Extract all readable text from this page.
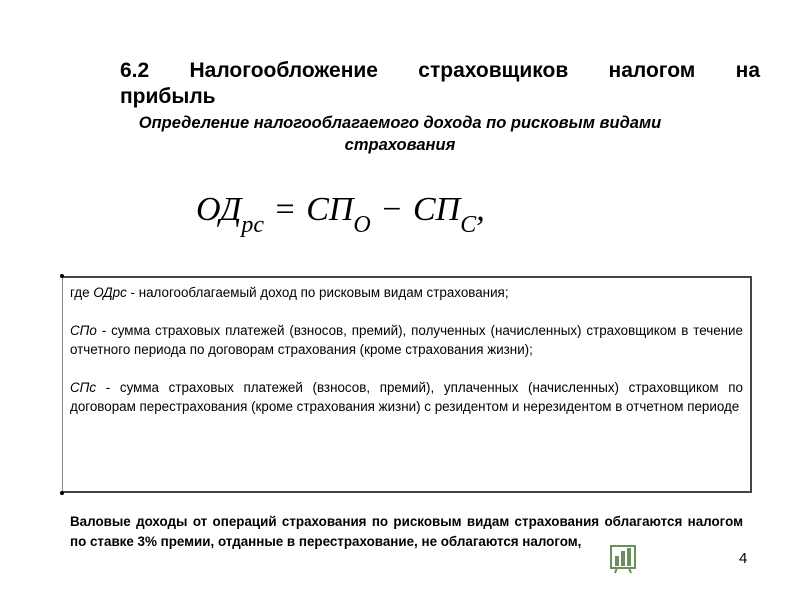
6.2 Налогообложение страховщиков налогом на
прибыль
Определение налогооблагаемого дохода по рисковым видами
страхования
$ОД_{рс} = СП_О - СП_С$,

где ОДрс - налогооблагаемый доход по рисковым видам страхования;

СПо - сумма страховых платежей (взносов, премий), полученных (начисленных) страховщиком в течение отчетного периода по договорам страхования (кроме страхования жизни);

СПс - сумма страховых платежей (взносов, премий), уплаченных (начисленных) страховщиком по договорам перестрахования (кроме страхования жизни) с резидентом и нерезидентом в отчетном периоде

Валовые доходы от операций страхования по рисковым видам страхования облагаются налогом по ставке 3% премии, отданные в перестрахование, не облагаются налогом,
4
